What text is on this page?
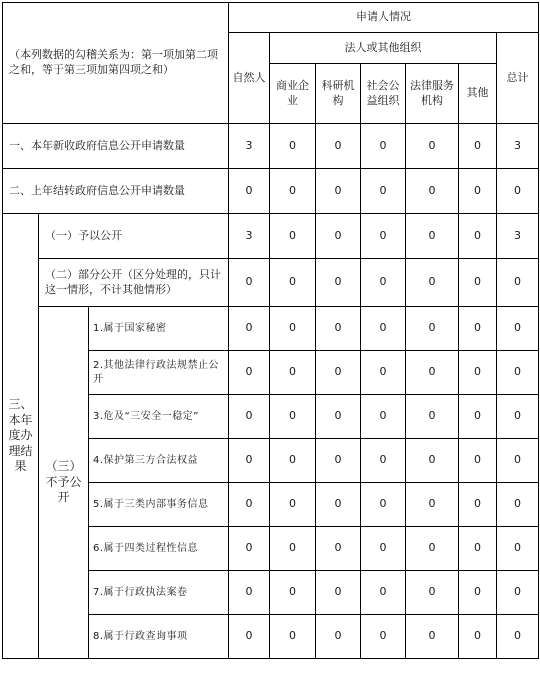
（本列数据的勾稽关系为：第一项加第二项之和，等于第三项加第四项之和）			申请人情况						
			自然人	法人或其他组织					总计
				商业企业	科研机构	社会公益组织	法律服务机构	其他	
一、本年新收政府信息公开申请数量			3	0	0	0	0	0	3
二、上年结转政府信息公开申请数量			0	0	0	0	0	0	0
三、本年度办理结果	（一）予以公开		3	0	0	0	0	0	3
	（二）部分公开（区分处理的，只计这一情形，不计其他情形）		0	0	0	0	0	0	0
	（三）不予公开	1.属于国家秘密	0	0	0	0	0	0	0
		2.其他法律行政法规禁止公开	0	0	0	0	0	0	0
		3.危及“三安全一稳定”	0	0	0	0	0	0	0
		4.保护第三方合法权益	0	0	0	0	0	0	0
		5.属于三类内部事务信息	0	0	0	0	0	0	0
		6.属于四类过程性信息	0	0	0	0	0	0	0
		7.属于行政执法案卷	0	0	0	0	0	0	0
		8.属于行政查询事项	0	0	0	0	0	0	0
